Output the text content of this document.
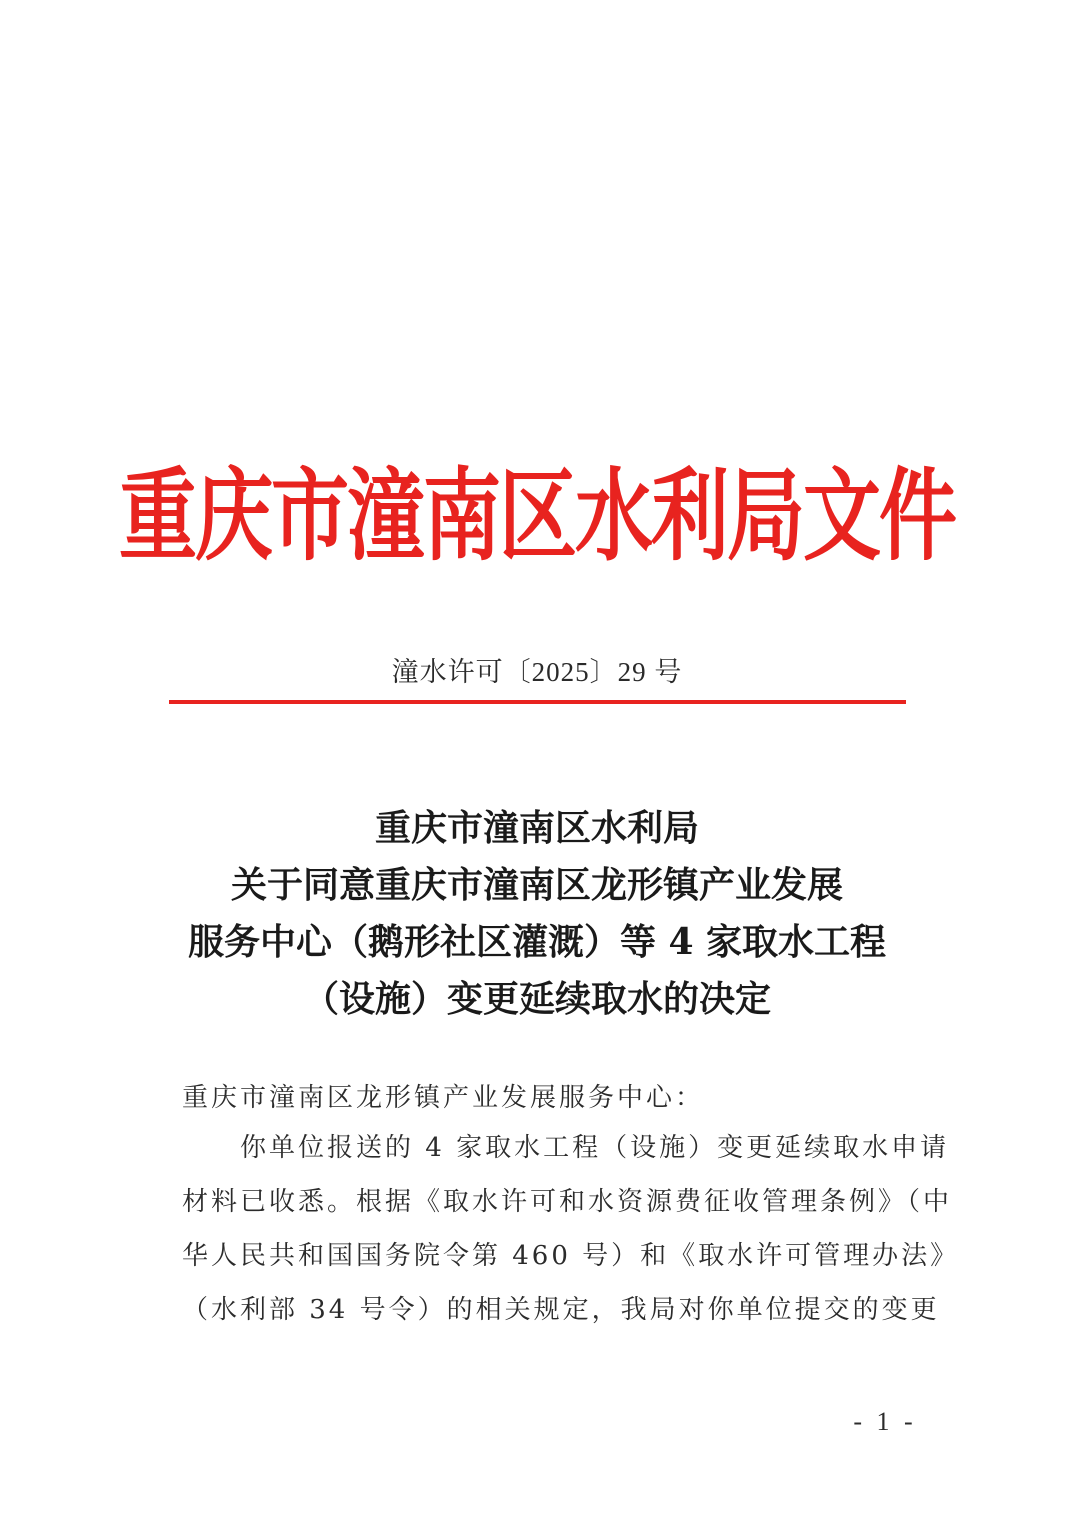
重庆市潼南区水利局文件
潼水许可〔2025〕29 号
重庆市潼南区水利局
关于同意重庆市潼南区龙形镇产业发展
服务中心（鹅形社区灌溉）等 4 家取水工程
（设施）变更延续取水的决定
重庆市潼南区龙形镇产业发展服务中心：
你单位报送的 4 家取水工程（设施）变更延续取水申请
材料已收悉。根据《取水许可和水资源费征收管理条例》（中
华人民共和国国务院令第 460 号）和《取水许可管理办法》
（水利部 34 号令）的相关规定，我局对你单位提交的变更
- 1 -
